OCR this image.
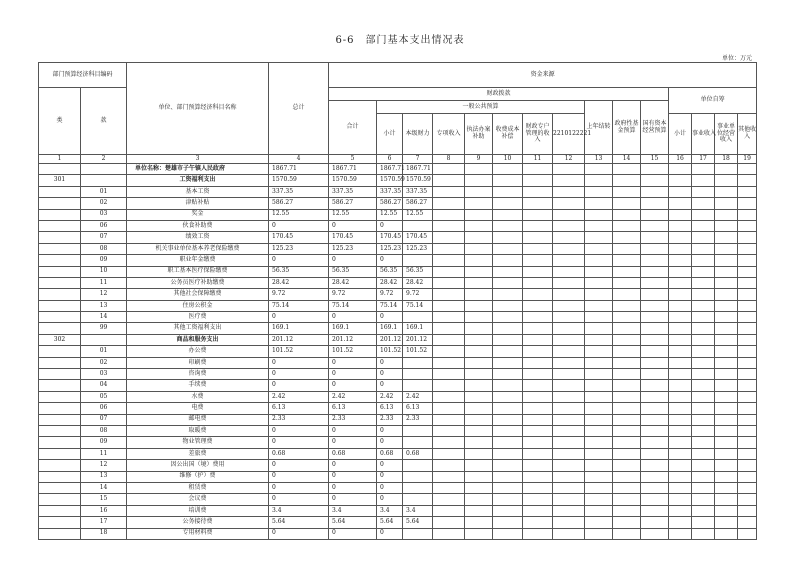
6-6　部门基本支出情况表
单位：万元
部门预算经济科目编码		单位、部门预算经济科目名称	总计	资金来源														
类	款			财政拨款											单位自筹			
				合计	一般公共预算							上年结转	政府性基金预算	国有资本经营预算				
					小计	本级财力	专项收入	执法办案补助	收费成本补偿	财政专户管理的收入	2210122221				小计	事业收入	事业单位经营收入	其他收入
1	2	3	4	5	6	7	8	9	10	11	12	13	14	15	16	17	18	19
		单位名称：楚雄市子午镇人民政府	1867.71	1867.71	1867.71	1867.71												
301		工资福利支出	1570.59	1570.59	1570.59	1570.59												
	01	基本工资	337.35	337.35	337.35	337.35												
	02	津贴补贴	586.27	586.27	586.27	586.27												
	03	奖金	12.55	12.55	12.55	12.55												
	06	伙食补助费	0	0	0													
	07	绩效工资	170.45	170.45	170.45	170.45												
	08	机关事业单位基本养老保险缴费	125.23	125.23	125.23	125.23												
	09	职业年金缴费	0	0	0													
	10	职工基本医疗保险缴费	56.35	56.35	56.35	56.35												
	11	公务员医疗补助缴费	28.42	28.42	28.42	28.42												
	12	其他社会保障缴费	9.72	9.72	9.72	9.72												
	13	住房公积金	75.14	75.14	75.14	75.14												
	14	医疗费	0	0	0													
	99	其他工资福利支出	169.1	169.1	169.1	169.1												
302		商品和服务支出	201.12	201.12	201.12	201.12												
	01	办公费	101.52	101.52	101.52	101.52												
	02	印刷费	0	0	0													
	03	咨询费	0	0	0													
	04	手续费	0	0	0													
	05	水费	2.42	2.42	2.42	2.42												
	06	电费	6.13	6.13	6.13	6.13												
	07	邮电费	2.33	2.33	2.33	2.33												
	08	取暖费	0	0	0													
	09	物业管理费	0	0	0													
	11	差旅费	0.68	0.68	0.68	0.68												
	12	因公出国（境）费用	0	0	0													
	13	维修（护）费	0	0	0													
	14	租赁费	0	0	0													
	15	会议费	0	0	0													
	16	培训费	3.4	3.4	3.4	3.4												
	17	公务接待费	5.64	5.64	5.64	5.64												
	18	专用材料费	0	0	0													
